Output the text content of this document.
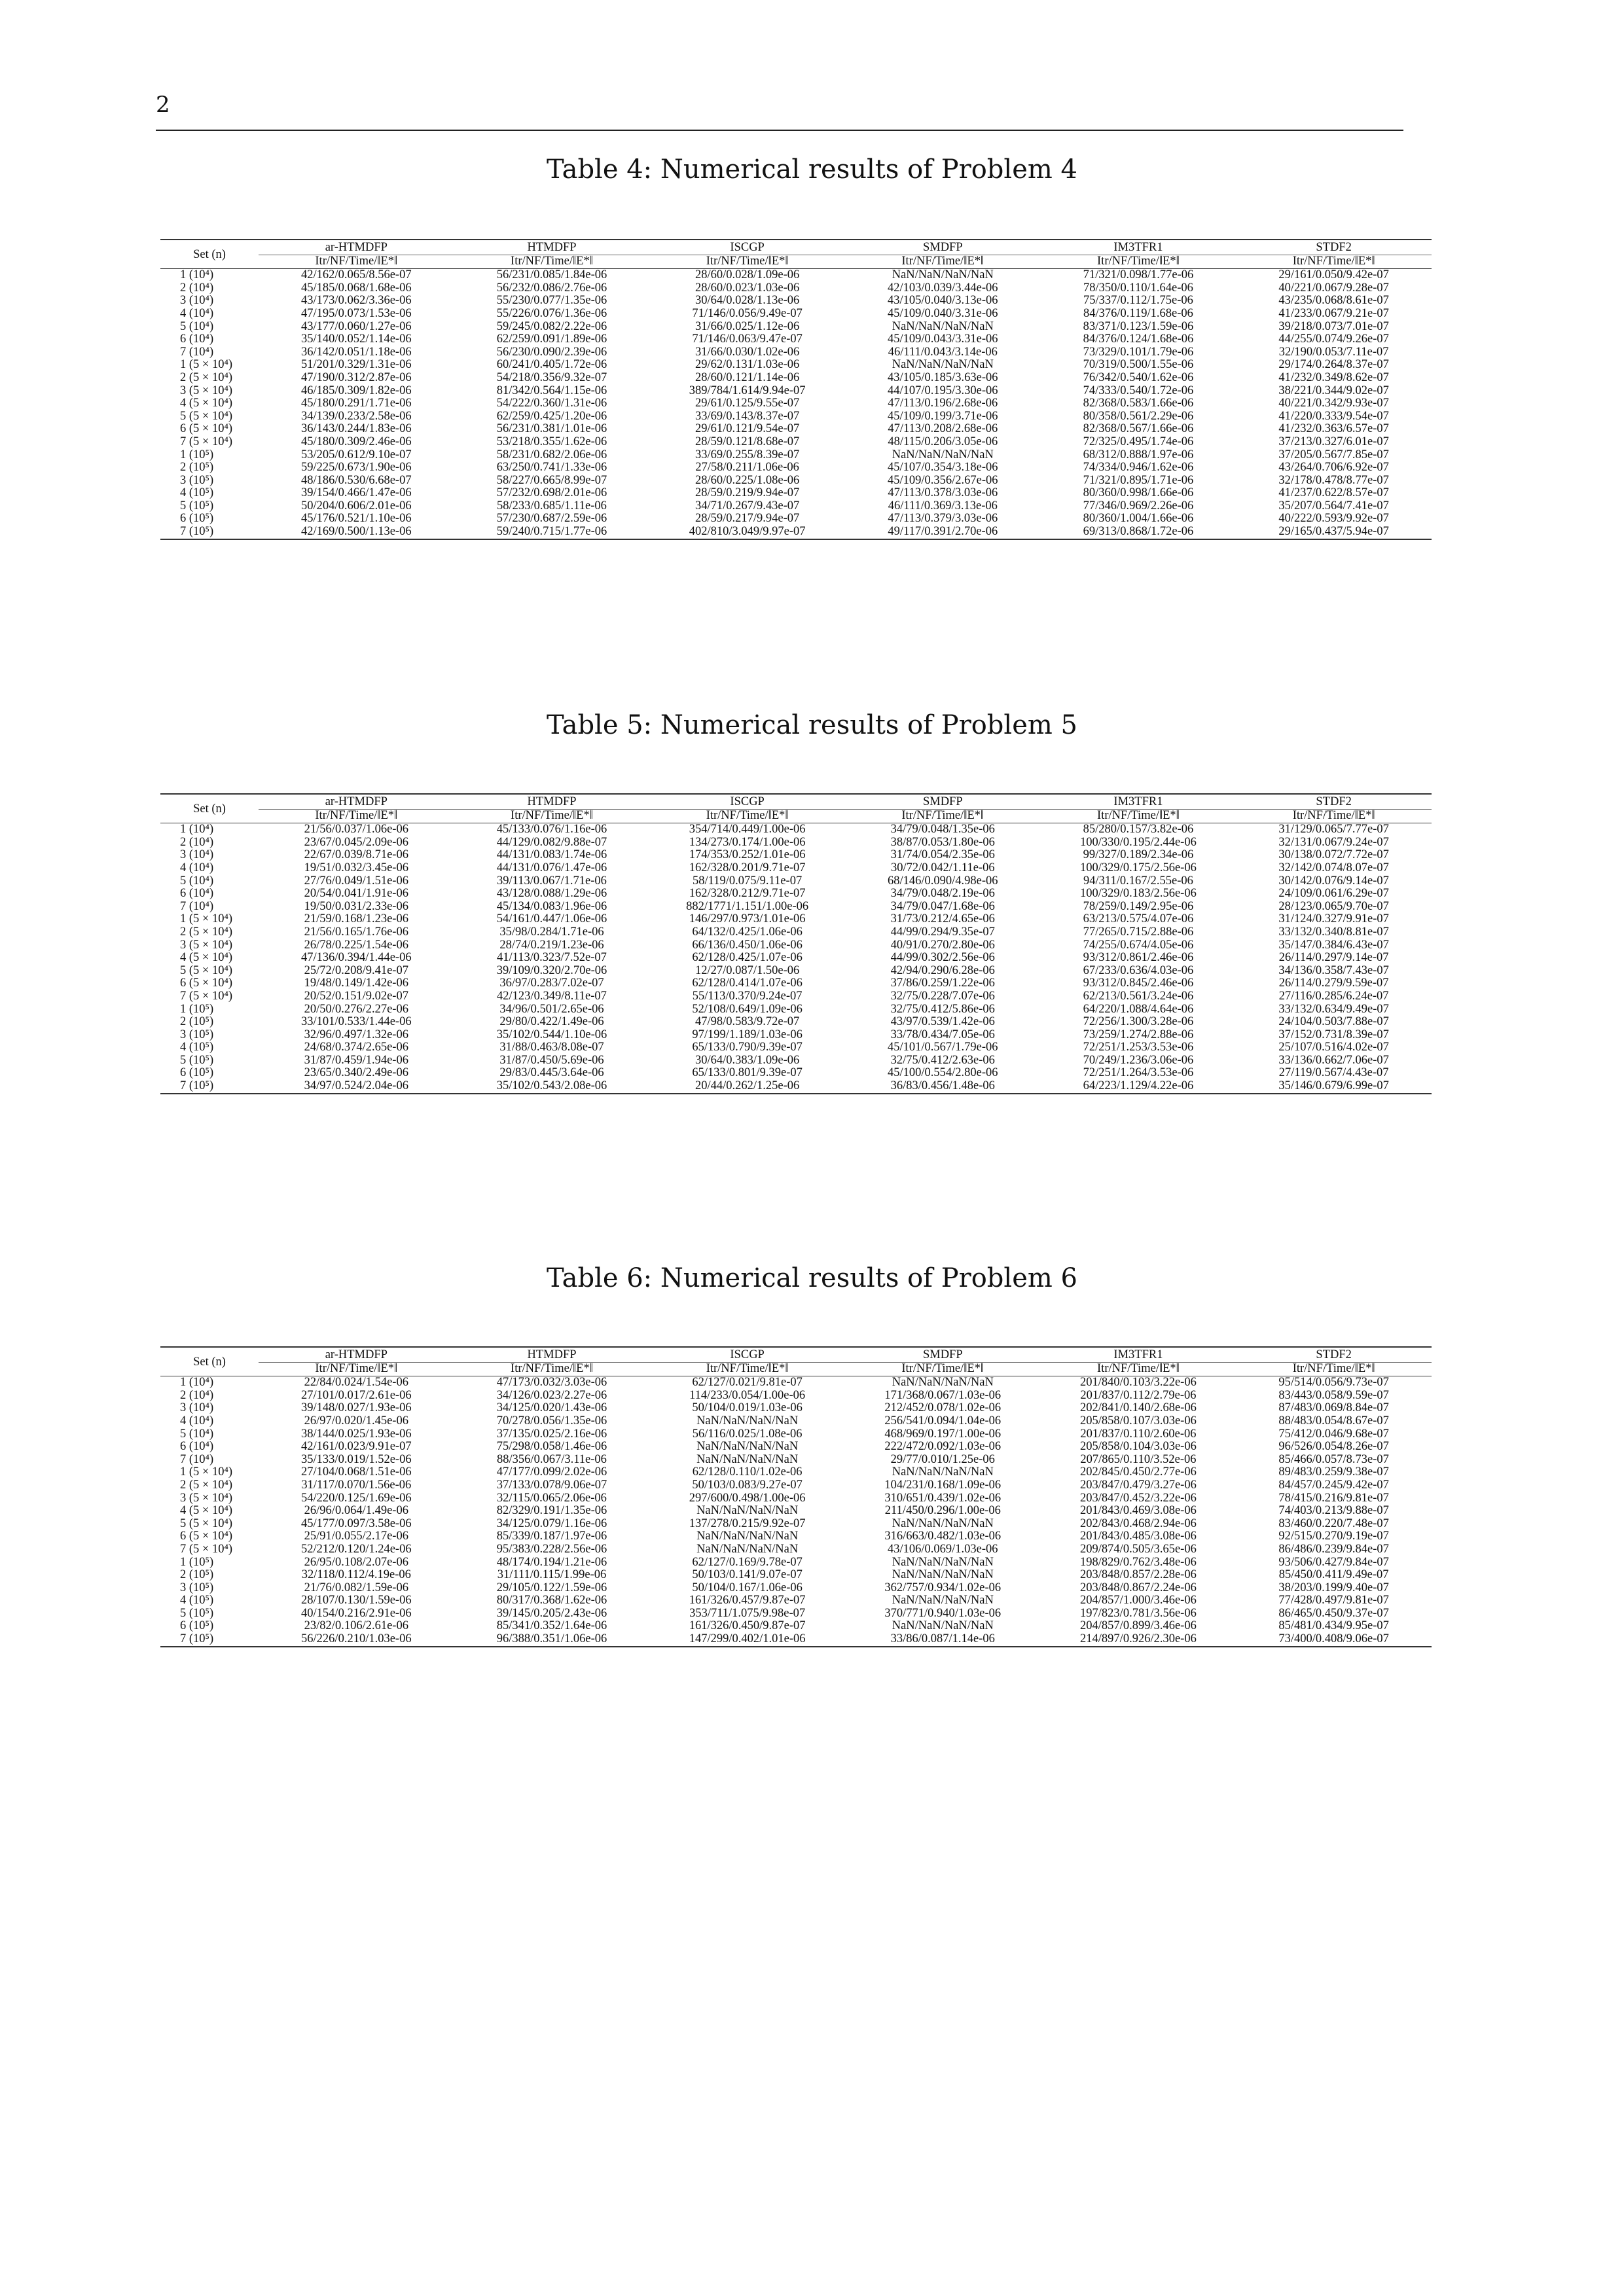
2
Table 4: Numerical results of Problem 4
Set (n)	ar-HTMDFP	HTMDFP	ISCGP	SMDFP	IM3TFR1	STDF2
	Itr/NF/Time/‖E*‖	Itr/NF/Time/‖E*‖	Itr/NF/Time/‖E*‖	Itr/NF/Time/‖E*‖	Itr/NF/Time/‖E*‖	Itr/NF/Time/‖E*‖
1 (10⁴)	42/162/0.065/8.56e-07	56/231/0.085/1.84e-06	28/60/0.028/1.09e-06	NaN/NaN/NaN/NaN	71/321/0.098/1.77e-06	29/161/0.050/9.42e-07
2 (10⁴)	45/185/0.068/1.68e-06	56/232/0.086/2.76e-06	28/60/0.023/1.03e-06	42/103/0.039/3.44e-06	78/350/0.110/1.64e-06	40/221/0.067/9.28e-07
3 (10⁴)	43/173/0.062/3.36e-06	55/230/0.077/1.35e-06	30/64/0.028/1.13e-06	43/105/0.040/3.13e-06	75/337/0.112/1.75e-06	43/235/0.068/8.61e-07
4 (10⁴)	47/195/0.073/1.53e-06	55/226/0.076/1.36e-06	71/146/0.056/9.49e-07	45/109/0.040/3.31e-06	84/376/0.119/1.68e-06	41/233/0.067/9.21e-07
5 (10⁴)	43/177/0.060/1.27e-06	59/245/0.082/2.22e-06	31/66/0.025/1.12e-06	NaN/NaN/NaN/NaN	83/371/0.123/1.59e-06	39/218/0.073/7.01e-07
6 (10⁴)	35/140/0.052/1.14e-06	62/259/0.091/1.89e-06	71/146/0.063/9.47e-07	45/109/0.043/3.31e-06	84/376/0.124/1.68e-06	44/255/0.074/9.26e-07
7 (10⁴)	36/142/0.051/1.18e-06	56/230/0.090/2.39e-06	31/66/0.030/1.02e-06	46/111/0.043/3.14e-06	73/329/0.101/1.79e-06	32/190/0.053/7.11e-07
1 (5 × 10⁴)	51/201/0.329/1.31e-06	60/241/0.405/1.72e-06	29/62/0.131/1.03e-06	NaN/NaN/NaN/NaN	70/319/0.500/1.55e-06	29/174/0.264/8.37e-07
2 (5 × 10⁴)	47/190/0.312/2.87e-06	54/218/0.356/9.32e-07	28/60/0.121/1.14e-06	43/105/0.185/3.63e-06	76/342/0.540/1.62e-06	41/232/0.349/8.62e-07
3 (5 × 10⁴)	46/185/0.309/1.82e-06	81/342/0.564/1.15e-06	389/784/1.614/9.94e-07	44/107/0.195/3.30e-06	74/333/0.540/1.72e-06	38/221/0.344/9.02e-07
4 (5 × 10⁴)	45/180/0.291/1.71e-06	54/222/0.360/1.31e-06	29/61/0.125/9.55e-07	47/113/0.196/2.68e-06	82/368/0.583/1.66e-06	40/221/0.342/9.93e-07
5 (5 × 10⁴)	34/139/0.233/2.58e-06	62/259/0.425/1.20e-06	33/69/0.143/8.37e-07	45/109/0.199/3.71e-06	80/358/0.561/2.29e-06	41/220/0.333/9.54e-07
6 (5 × 10⁴)	36/143/0.244/1.83e-06	56/231/0.381/1.01e-06	29/61/0.121/9.54e-07	47/113/0.208/2.68e-06	82/368/0.567/1.66e-06	41/232/0.363/6.57e-07
7 (5 × 10⁴)	45/180/0.309/2.46e-06	53/218/0.355/1.62e-06	28/59/0.121/8.68e-07	48/115/0.206/3.05e-06	72/325/0.495/1.74e-06	37/213/0.327/6.01e-07
1 (10⁵)	53/205/0.612/9.10e-07	58/231/0.682/2.06e-06	33/69/0.255/8.39e-07	NaN/NaN/NaN/NaN	68/312/0.888/1.97e-06	37/205/0.567/7.85e-07
2 (10⁵)	59/225/0.673/1.90e-06	63/250/0.741/1.33e-06	27/58/0.211/1.06e-06	45/107/0.354/3.18e-06	74/334/0.946/1.62e-06	43/264/0.706/6.92e-07
3 (10⁵)	48/186/0.530/6.68e-07	58/227/0.665/8.99e-07	28/60/0.225/1.08e-06	45/109/0.356/2.67e-06	71/321/0.895/1.71e-06	32/178/0.478/8.77e-07
4 (10⁵)	39/154/0.466/1.47e-06	57/232/0.698/2.01e-06	28/59/0.219/9.94e-07	47/113/0.378/3.03e-06	80/360/0.998/1.66e-06	41/237/0.622/8.57e-07
5 (10⁵)	50/204/0.606/2.01e-06	58/233/0.685/1.11e-06	34/71/0.267/9.43e-07	46/111/0.369/3.13e-06	77/346/0.969/2.26e-06	35/207/0.564/7.41e-07
6 (10⁵)	45/176/0.521/1.10e-06	57/230/0.687/2.59e-06	28/59/0.217/9.94e-07	47/113/0.379/3.03e-06	80/360/1.004/1.66e-06	40/222/0.593/9.92e-07
7 (10⁵)	42/169/0.500/1.13e-06	59/240/0.715/1.77e-06	402/810/3.049/9.97e-07	49/117/0.391/2.70e-06	69/313/0.868/1.72e-06	29/165/0.437/5.94e-07
Table 5: Numerical results of Problem 5
Set (n)	ar-HTMDFP	HTMDFP	ISCGP	SMDFP	IM3TFR1	STDF2
	Itr/NF/Time/‖E*‖	Itr/NF/Time/‖E*‖	Itr/NF/Time/‖E*‖	Itr/NF/Time/‖E*‖	Itr/NF/Time/‖E*‖	Itr/NF/Time/‖E*‖
1 (10⁴)	21/56/0.037/1.06e-06	45/133/0.076/1.16e-06	354/714/0.449/1.00e-06	34/79/0.048/1.35e-06	85/280/0.157/3.82e-06	31/129/0.065/7.77e-07
2 (10⁴)	23/67/0.045/2.09e-06	44/129/0.082/9.88e-07	134/273/0.174/1.00e-06	38/87/0.053/1.80e-06	100/330/0.195/2.44e-06	32/131/0.067/9.24e-07
3 (10⁴)	22/67/0.039/8.71e-06	44/131/0.083/1.74e-06	174/353/0.252/1.01e-06	31/74/0.054/2.35e-06	99/327/0.189/2.34e-06	30/138/0.072/7.72e-07
4 (10⁴)	19/51/0.032/3.45e-06	44/131/0.076/1.47e-06	162/328/0.201/9.71e-07	30/72/0.042/1.11e-06	100/329/0.175/2.56e-06	32/142/0.074/8.07e-07
5 (10⁴)	27/76/0.049/1.51e-06	39/113/0.067/1.71e-06	58/119/0.075/9.11e-07	68/146/0.090/4.98e-06	94/311/0.167/2.55e-06	30/142/0.076/9.14e-07
6 (10⁴)	20/54/0.041/1.91e-06	43/128/0.088/1.29e-06	162/328/0.212/9.71e-07	34/79/0.048/2.19e-06	100/329/0.183/2.56e-06	24/109/0.061/6.29e-07
7 (10⁴)	19/50/0.031/2.33e-06	45/134/0.083/1.96e-06	882/1771/1.151/1.00e-06	34/79/0.047/1.68e-06	78/259/0.149/2.95e-06	28/123/0.065/9.70e-07
1 (5 × 10⁴)	21/59/0.168/1.23e-06	54/161/0.447/1.06e-06	146/297/0.973/1.01e-06	31/73/0.212/4.65e-06	63/213/0.575/4.07e-06	31/124/0.327/9.91e-07
2 (5 × 10⁴)	21/56/0.165/1.76e-06	35/98/0.284/1.71e-06	64/132/0.425/1.06e-06	44/99/0.294/9.35e-07	77/265/0.715/2.88e-06	33/132/0.340/8.81e-07
3 (5 × 10⁴)	26/78/0.225/1.54e-06	28/74/0.219/1.23e-06	66/136/0.450/1.06e-06	40/91/0.270/2.80e-06	74/255/0.674/4.05e-06	35/147/0.384/6.43e-07
4 (5 × 10⁴)	47/136/0.394/1.44e-06	41/113/0.323/7.52e-07	62/128/0.425/1.07e-06	44/99/0.302/2.56e-06	93/312/0.861/2.46e-06	26/114/0.297/9.14e-07
5 (5 × 10⁴)	25/72/0.208/9.41e-07	39/109/0.320/2.70e-06	12/27/0.087/1.50e-06	42/94/0.290/6.28e-06	67/233/0.636/4.03e-06	34/136/0.358/7.43e-07
6 (5 × 10⁴)	19/48/0.149/1.42e-06	36/97/0.283/7.02e-07	62/128/0.414/1.07e-06	37/86/0.259/1.22e-06	93/312/0.845/2.46e-06	26/114/0.279/9.59e-07
7 (5 × 10⁴)	20/52/0.151/9.02e-07	42/123/0.349/8.11e-07	55/113/0.370/9.24e-07	32/75/0.228/7.07e-06	62/213/0.561/3.24e-06	27/116/0.285/6.24e-07
1 (10⁵)	20/50/0.276/2.27e-06	34/96/0.501/2.65e-06	52/108/0.649/1.09e-06	32/75/0.412/5.86e-06	64/220/1.088/4.64e-06	33/132/0.634/9.49e-07
2 (10⁵)	33/101/0.533/1.44e-06	29/80/0.422/1.49e-06	47/98/0.583/9.72e-07	43/97/0.539/1.42e-06	72/256/1.300/3.28e-06	24/104/0.503/7.88e-07
3 (10⁵)	32/96/0.497/1.32e-06	35/102/0.544/1.10e-06	97/199/1.189/1.03e-06	33/78/0.434/7.05e-06	73/259/1.274/2.88e-06	37/152/0.731/8.39e-07
4 (10⁵)	24/68/0.374/2.65e-06	31/88/0.463/8.08e-07	65/133/0.790/9.39e-07	45/101/0.567/1.79e-06	72/251/1.253/3.53e-06	25/107/0.516/4.02e-07
5 (10⁵)	31/87/0.459/1.94e-06	31/87/0.450/5.69e-06	30/64/0.383/1.09e-06	32/75/0.412/2.63e-06	70/249/1.236/3.06e-06	33/136/0.662/7.06e-07
6 (10⁵)	23/65/0.340/2.49e-06	29/83/0.445/3.64e-06	65/133/0.801/9.39e-07	45/100/0.554/2.80e-06	72/251/1.264/3.53e-06	27/119/0.567/4.43e-07
7 (10⁵)	34/97/0.524/2.04e-06	35/102/0.543/2.08e-06	20/44/0.262/1.25e-06	36/83/0.456/1.48e-06	64/223/1.129/4.22e-06	35/146/0.679/6.99e-07
Table 6: Numerical results of Problem 6
Set (n)	ar-HTMDFP	HTMDFP	ISCGP	SMDFP	IM3TFR1	STDF2
	Itr/NF/Time/‖E*‖	Itr/NF/Time/‖E*‖	Itr/NF/Time/‖E*‖	Itr/NF/Time/‖E*‖	Itr/NF/Time/‖E*‖	Itr/NF/Time/‖E*‖
1 (10⁴)	22/84/0.024/1.54e-06	47/173/0.032/3.03e-06	62/127/0.021/9.81e-07	NaN/NaN/NaN/NaN	201/840/0.103/3.22e-06	95/514/0.056/9.73e-07
2 (10⁴)	27/101/0.017/2.61e-06	34/126/0.023/2.27e-06	114/233/0.054/1.00e-06	171/368/0.067/1.03e-06	201/837/0.112/2.79e-06	83/443/0.058/9.59e-07
3 (10⁴)	39/148/0.027/1.93e-06	34/125/0.020/1.43e-06	50/104/0.019/1.03e-06	212/452/0.078/1.02e-06	202/841/0.140/2.68e-06	87/483/0.069/8.84e-07
4 (10⁴)	26/97/0.020/1.45e-06	70/278/0.056/1.35e-06	NaN/NaN/NaN/NaN	256/541/0.094/1.04e-06	205/858/0.107/3.03e-06	88/483/0.054/8.67e-07
5 (10⁴)	38/144/0.025/1.93e-06	37/135/0.025/2.16e-06	56/116/0.025/1.08e-06	468/969/0.197/1.00e-06	201/837/0.110/2.60e-06	75/412/0.046/9.68e-07
6 (10⁴)	42/161/0.023/9.91e-07	75/298/0.058/1.46e-06	NaN/NaN/NaN/NaN	222/472/0.092/1.03e-06	205/858/0.104/3.03e-06	96/526/0.054/8.26e-07
7 (10⁴)	35/133/0.019/1.52e-06	88/356/0.067/3.11e-06	NaN/NaN/NaN/NaN	29/77/0.010/1.25e-06	207/865/0.110/3.52e-06	85/466/0.057/8.73e-07
1 (5 × 10⁴)	27/104/0.068/1.51e-06	47/177/0.099/2.02e-06	62/128/0.110/1.02e-06	NaN/NaN/NaN/NaN	202/845/0.450/2.77e-06	89/483/0.259/9.38e-07
2 (5 × 10⁴)	31/117/0.070/1.56e-06	37/133/0.078/9.06e-07	50/103/0.083/9.27e-07	104/231/0.168/1.09e-06	203/847/0.479/3.27e-06	84/457/0.245/9.42e-07
3 (5 × 10⁴)	54/220/0.125/1.69e-06	32/115/0.065/2.06e-06	297/600/0.498/1.00e-06	310/651/0.439/1.02e-06	203/847/0.452/3.22e-06	78/415/0.216/9.81e-07
4 (5 × 10⁴)	26/96/0.064/1.49e-06	82/329/0.191/1.35e-06	NaN/NaN/NaN/NaN	211/450/0.296/1.00e-06	201/843/0.469/3.08e-06	74/403/0.213/9.88e-07
5 (5 × 10⁴)	45/177/0.097/3.58e-06	34/125/0.079/1.16e-06	137/278/0.215/9.92e-07	NaN/NaN/NaN/NaN	202/843/0.468/2.94e-06	83/460/0.220/7.48e-07
6 (5 × 10⁴)	25/91/0.055/2.17e-06	85/339/0.187/1.97e-06	NaN/NaN/NaN/NaN	316/663/0.482/1.03e-06	201/843/0.485/3.08e-06	92/515/0.270/9.19e-07
7 (5 × 10⁴)	52/212/0.120/1.24e-06	95/383/0.228/2.56e-06	NaN/NaN/NaN/NaN	43/106/0.069/1.03e-06	209/874/0.505/3.65e-06	86/486/0.239/9.84e-07
1 (10⁵)	26/95/0.108/2.07e-06	48/174/0.194/1.21e-06	62/127/0.169/9.78e-07	NaN/NaN/NaN/NaN	198/829/0.762/3.48e-06	93/506/0.427/9.84e-07
2 (10⁵)	32/118/0.112/4.19e-06	31/111/0.115/1.99e-06	50/103/0.141/9.07e-07	NaN/NaN/NaN/NaN	203/848/0.857/2.28e-06	85/450/0.411/9.49e-07
3 (10⁵)	21/76/0.082/1.59e-06	29/105/0.122/1.59e-06	50/104/0.167/1.06e-06	362/757/0.934/1.02e-06	203/848/0.867/2.24e-06	38/203/0.199/9.40e-07
4 (10⁵)	28/107/0.130/1.59e-06	80/317/0.368/1.62e-06	161/326/0.457/9.87e-07	NaN/NaN/NaN/NaN	204/857/1.000/3.46e-06	77/428/0.497/9.81e-07
5 (10⁵)	40/154/0.216/2.91e-06	39/145/0.205/2.43e-06	353/711/1.075/9.98e-07	370/771/0.940/1.03e-06	197/823/0.781/3.56e-06	86/465/0.450/9.37e-07
6 (10⁵)	23/82/0.106/2.61e-06	85/341/0.352/1.64e-06	161/326/0.450/9.87e-07	NaN/NaN/NaN/NaN	204/857/0.899/3.46e-06	85/481/0.434/9.95e-07
7 (10⁵)	56/226/0.210/1.03e-06	96/388/0.351/1.06e-06	147/299/0.402/1.01e-06	33/86/0.087/1.14e-06	214/897/0.926/2.30e-06	73/400/0.408/9.06e-07
